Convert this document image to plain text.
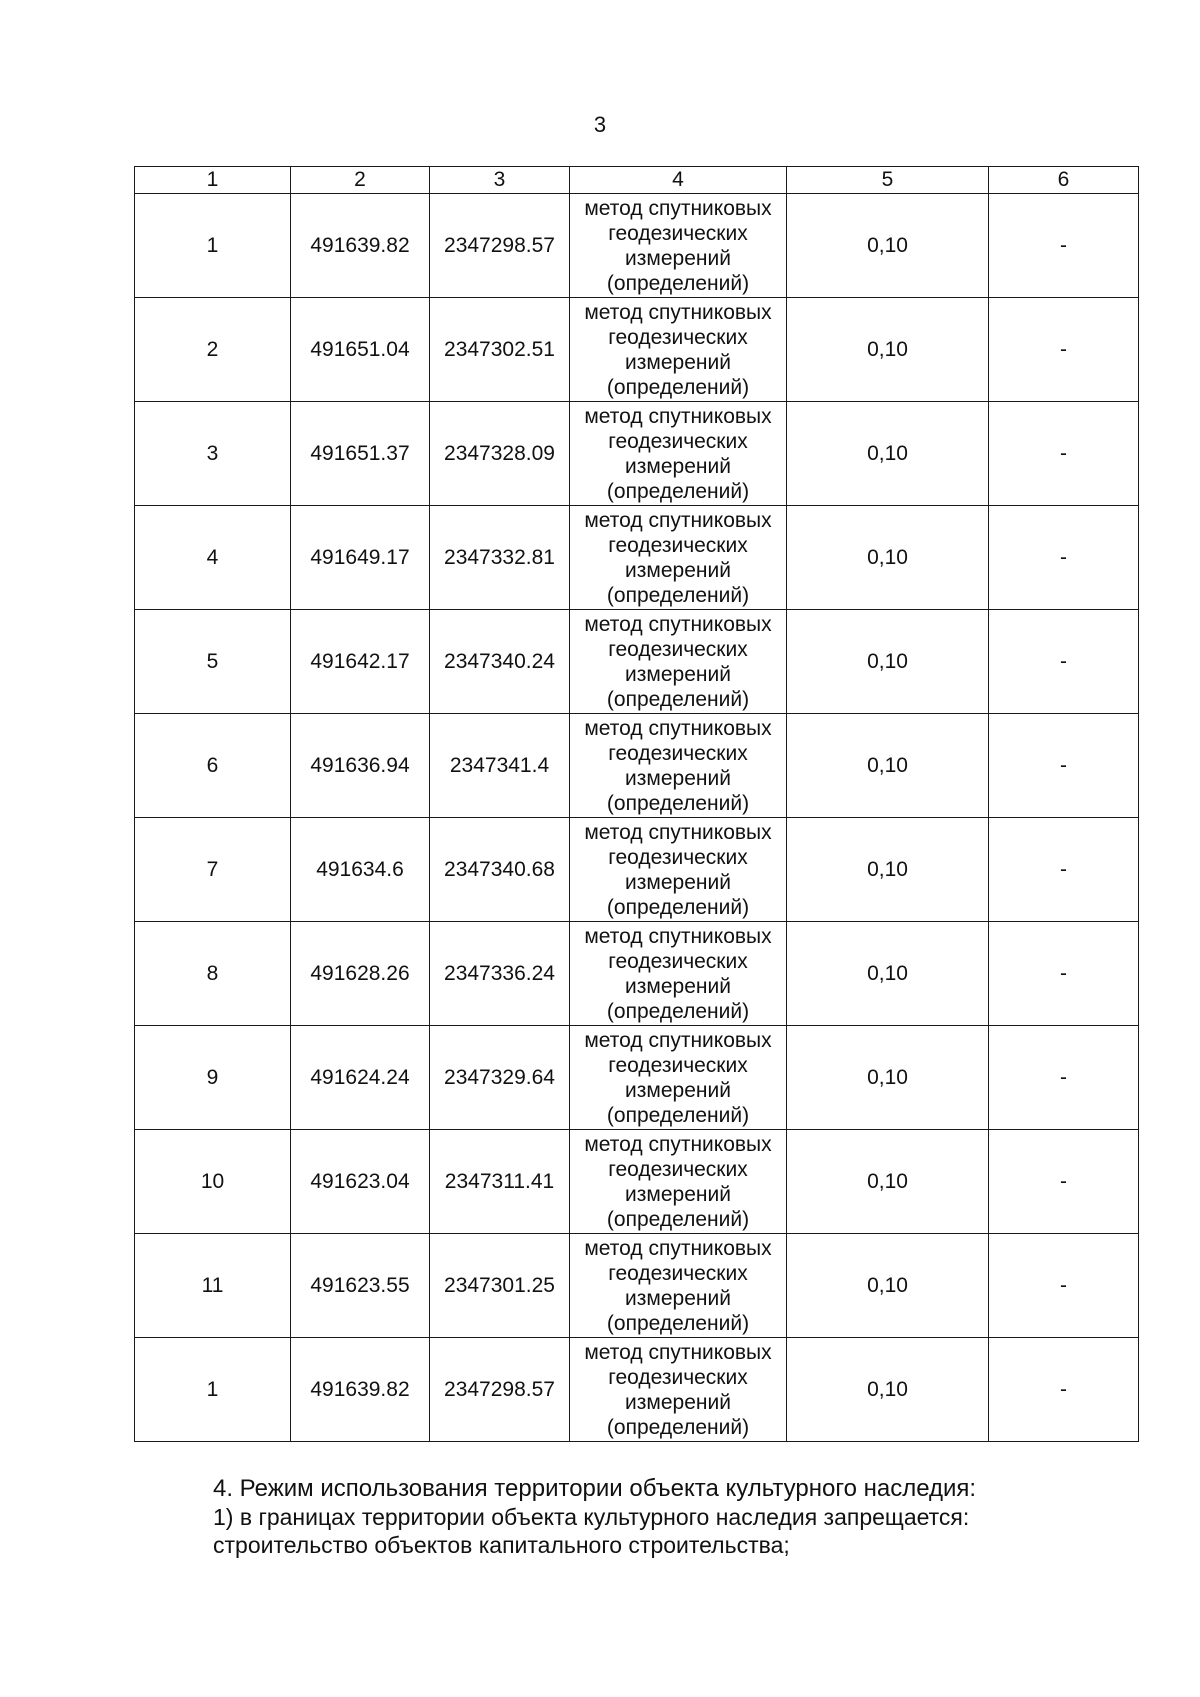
3
1	2	3	4	5	6
1	491639.82	2347298.57	метод спутниковых геодезических измерений (определений)	0,10	-
2	491651.04	2347302.51	метод спутниковых геодезических измерений (определений)	0,10	-
3	491651.37	2347328.09	метод спутниковых геодезических измерений (определений)	0,10	-
4	491649.17	2347332.81	метод спутниковых геодезических измерений (определений)	0,10	-
5	491642.17	2347340.24	метод спутниковых геодезических измерений (определений)	0,10	-
6	491636.94	2347341.4	метод спутниковых геодезических измерений (определений)	0,10	-
7	491634.6	2347340.68	метод спутниковых геодезических измерений (определений)	0,10	-
8	491628.26	2347336.24	метод спутниковых геодезических измерений (определений)	0,10	-
9	491624.24	2347329.64	метод спутниковых геодезических измерений (определений)	0,10	-
10	491623.04	2347311.41	метод спутниковых геодезических измерений (определений)	0,10	-
11	491623.55	2347301.25	метод спутниковых геодезических измерений (определений)	0,10	-
1	491639.82	2347298.57	метод спутниковых геодезических измерений (определений)	0,10	-

4. Режим использования территории объекта культурного наследия:

1) в границах территории объекта культурного наследия запрещается:

строительство объектов капитального строительства;
